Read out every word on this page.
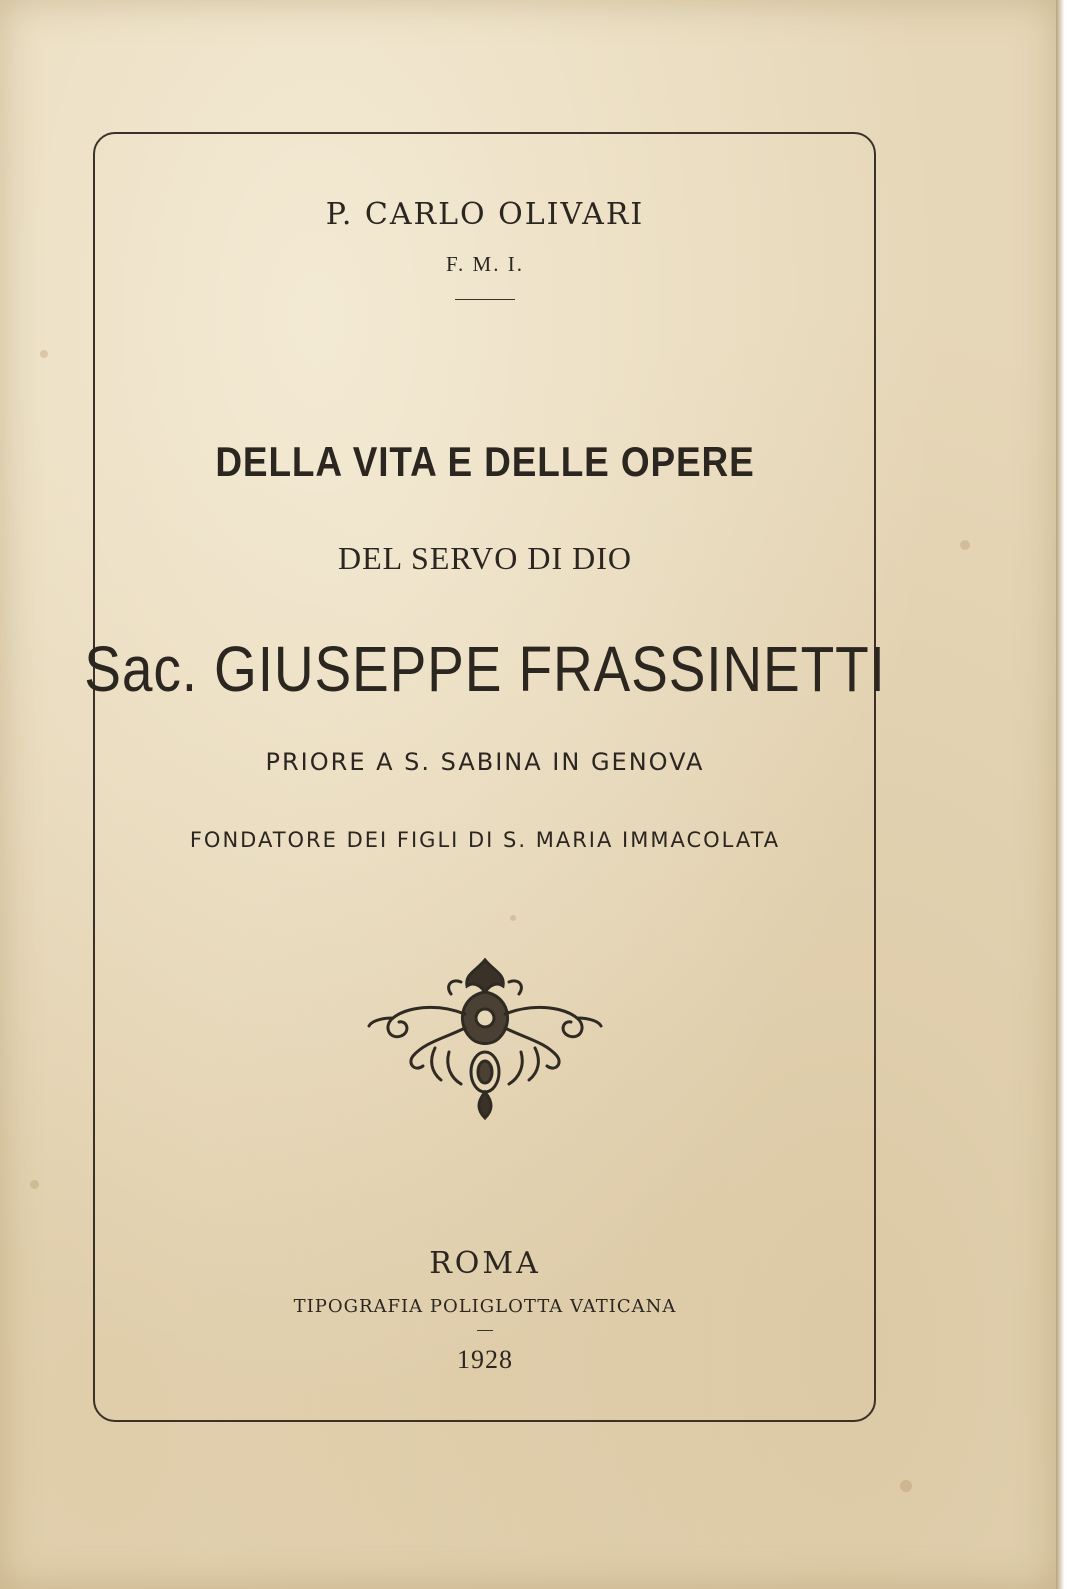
P. CARLO OLIVARI

F. M. I.

DELLA VITA E DELLE OPERE

DEL SERVO DI DIO

Sac. GIUSEPPE FRASSINETTI

PRIORE A S. SABINA IN GENOVA

FONDATORE DEI FIGLI DI S. MARIA IMMACOLATA

ROMA

TIPOGRAFIA POLIGLOTTA VATICANA

1928
